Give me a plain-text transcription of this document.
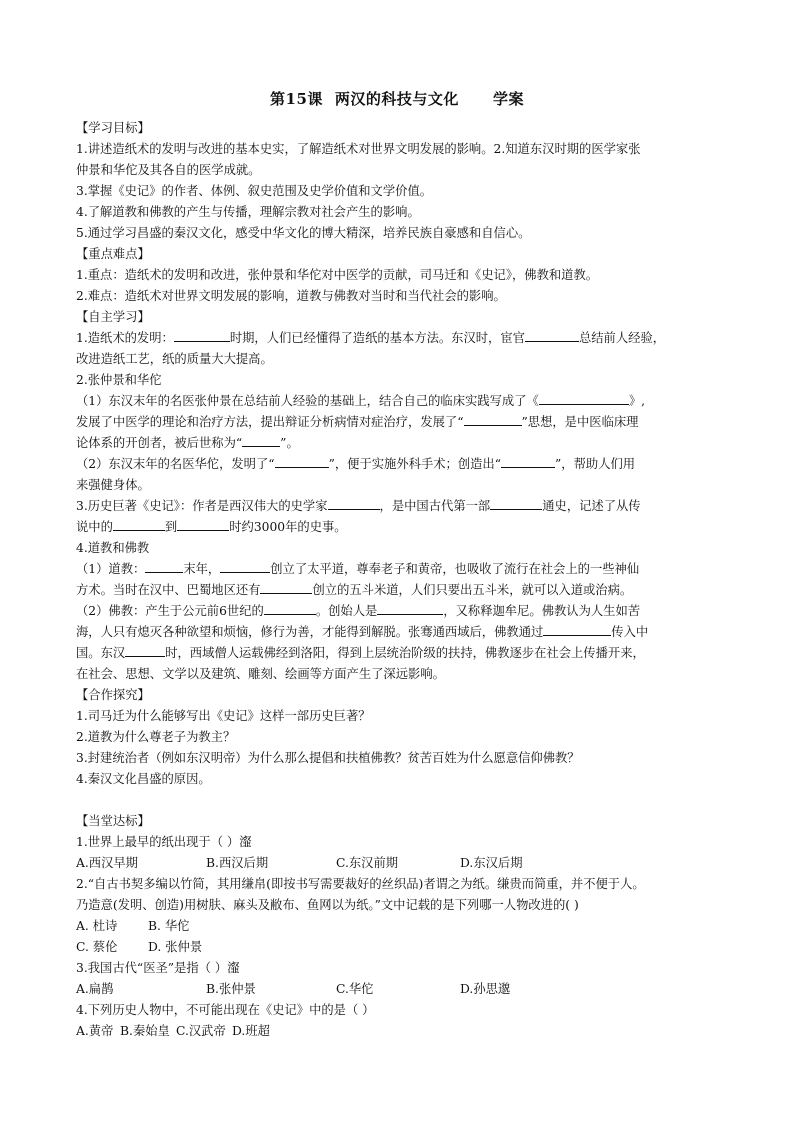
第15课 两汉的科技与文化 学案
【学习目标】
1.讲述造纸术的发明与改进的基本史实，了解造纸术对世界文明发展的影响。2.知道东汉时期的医学家张
仲景和华佗及其各自的医学成就。
3.掌握《史记》的作者、体例、叙史范围及史学价值和文学价值。
4.了解道教和佛教的产生与传播，理解宗教对社会产生的影响。
5.通过学习昌盛的秦汉文化，感受中华文化的博大精深，培养民族自豪感和自信心。
【重点难点】
1.重点：造纸术的发明和改进，张仲景和华佗对中医学的贡献，司马迁和《史记》，佛教和道教。
2.难点：造纸术对世界文明发展的影响，道教与佛教对当时和当代社会的影响。
【自主学习】
1.造纸术的发明：	时期，人们已经懂得了造纸的基本方法。东汉时，宦官	总结前人经验，
改进造纸工艺，纸的质量大大提高。
2.张仲景和华佗
（1）东汉末年的名医张仲景在总结前人经验的基础上，结合自己的临床实践写成了《	》,
发展了中医学的理论和治疗方法，提出辩证分析病情对症治疗，发展了“	”思想，是中医临床理
论体系的开创者，被后世称为“	”。
（2）东汉末年的名医华佗，发明了“	”，便于实施外科手术；创造出“	”，帮助人们用
来强健身体。
3.历史巨著《史记》：作者是西汉伟大的史学家	，是中国古代第一部	通史，记述了从传
说中的	到	时约3000年的史事。
4.道教和佛教
（1）道教：	末年，	创立了太平道，尊奉老子和黄帝，也吸收了流行在社会上的一些神仙
方术。当时在汉中、巴蜀地区还有	创立的五斗米道，人们只要出五斗米，就可以入道或治病。
（2）佛教：产生于公元前6世纪的	。创始人是	，又称释迦牟尼。佛教认为人生如苦
海，人只有熄灭各种欲望和烦恼，修行为善，才能得到解脱。张骞通西域后，佛教通过	传入中
国。东汉	时，西域僧人运载佛经到洛阳，得到上层统治阶级的扶持，佛教逐步在社会上传播开来，
在社会、思想、文学以及建筑、雕刻、绘画等方面产生了深远影响。
【合作探究】
1.司马迁为什么能够写出《史记》这样一部历史巨著？
2.道教为什么尊老子为教主？
3.封建统治者（例如东汉明帝）为什么那么提倡和扶植佛教？贫苦百姓为什么愿意信仰佛教？
4.秦汉文化昌盛的原因。
【当堂达标】
1.世界上最早的纸出现于（ ）瀣
A.西汉早期	B.西汉后期	C.东汉前期	D.东汉后期
2.“自古书契多编以竹简，其用缣帛(即按书写需要裁好的丝织品)者谓之为纸。缣贵而简重，并不便于人。
乃造意(发明、创造)用树肤、麻头及敝布、鱼网以为纸。”文中记载的是下列哪一人物改进的( )
A. 杜诗	B. 华佗
C. 蔡伦	D. 张仲景
3.我国古代“医圣”是指（ ）瀣
A.扁鹊	B.张仲景	C.华佗	D.孙思邈
4.下列历史人物中，不可能出现在《史记》中的是（ ）
A.黄帝 B.秦始皇 C.汉武帝 D.班超
